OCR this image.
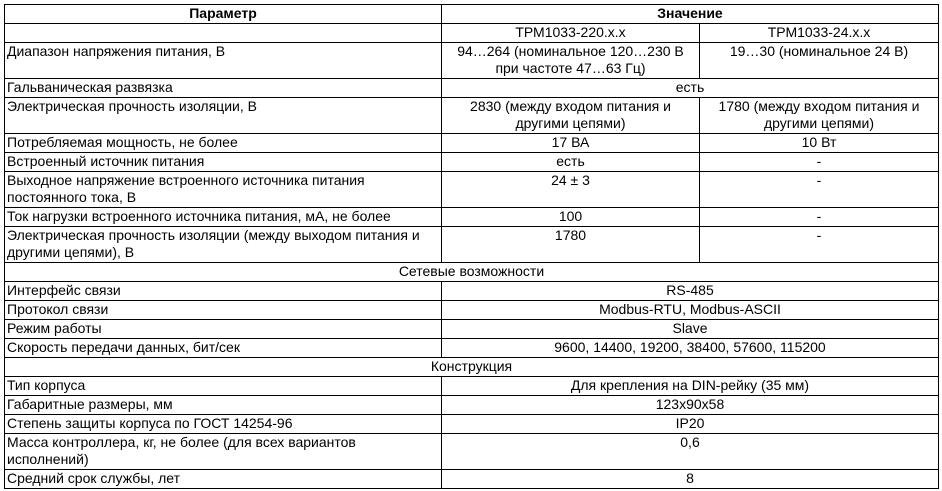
Параметр	Значение	
	ТРМ1033-220.х.х	ТРМ1033-24.х.х
Диапазон напряжения питания, В	94…264 (номинальное 120…230 В при частоте 47…63 Гц)	19…30 (номинальное 24 В)
Гальваническая развязка	есть	
Электрическая прочность изоляции, В	2830 (между входом питания и другими цепями)	1780 (между входом питания и другими цепями)
Потребляемая мощность, не более	17 ВА	10 Вт
Встроенный источник питания	есть	-
Выходное напряжение встроенного источника питания постоянного тока, В	24 ± 3	-
Ток нагрузки встроенного источника питания, мА, не более	100	-
Электрическая прочность изоляции (между выходом питания и другими цепями), В	1780	-
Сетевые возможности		
Интерфейс связи	RS-485	
Протокол связи	Modbus-RTU, Modbus-ASCII	
Режим работы	Slave	
Скорость передачи данных, бит/сек	9600, 14400, 19200, 38400, 57600, 115200	
Конструкция		
Тип корпуса	Для крепления на DIN-рейку (35 мм)	
Габаритные размеры, мм	123х90х58	
Степень защиты корпуса по ГОСТ 14254-96	IP20	
Масса контроллера, кг, не более (для всех вариантов исполнений)	0,6	
Средний срок службы, лет	8	
